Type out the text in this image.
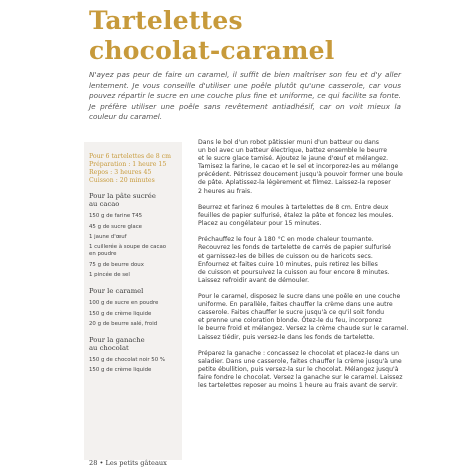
Tartelettes
chocolat-caramel

N'ayez pas peur de faire un caramel, il suffit de bien maîtriser son feu et d'y aller lentement. Je vous conseille d'utiliser une poêle plutôt qu'une casserole, car vous pouvez répartir le sucre en une couche plus fine et uniforme, ce qui facilite sa fonte. Je préfère utiliser une poêle sans revêtement antiadhésif, car on voit mieux la couleur du caramel.

Pour 6 tartelettes de 8 cm
Préparation : 1 heure 15
Repos : 3 heures 45
Cuisson : 20 minutes
Pour la pâte sucrée
au cacao
150 g de farine T45
45 g de sucre glace
1 jaune d'œuf
1 cuillerée à soupe de cacao
en poudre
75 g de beurre doux
1 pincée de sel
Pour le caramel
100 g de sucre en poudre
150 g de crème liquide
20 g de beurre salé, froid
Pour la ganache
au chocolat
150 g de chocolat noir 50 %
150 g de crème liquide

Dans le bol d'un robot pâtissier muni d'un batteur ou dans
un bol avec un batteur électrique, battez ensemble le beurre
et le sucre glace tamisé. Ajoutez le jaune d'œuf et mélangez.
Tamisez la farine, le cacao et le sel et incorporez-les au mélange
précédent. Pétrissez doucement jusqu'à pouvoir former une boule
de pâte. Aplatissez-la légèrement et filmez. Laissez-la reposer
2 heures au frais.

Beurrez et farinez 6 moules à tartelettes de 8 cm. Entre deux
feuilles de papier sulfurisé, étalez la pâte et foncez les moules.
Placez au congélateur pour 15 minutes.

Préchauffez le four à 180 °C en mode chaleur tournante.
Recouvrez les fonds de tartelette de carrés de papier sulfurisé
et garnissez-les de billes de cuisson ou de haricots secs.
Enfournez et faites cuire 10 minutes, puis retirez les billes
de cuisson et poursuivez la cuisson au four encore 8 minutes.
Laissez refroidir avant de démouler.

Pour le caramel, disposez le sucre dans une poêle en une couche
uniforme. En parallèle, faites chauffer la crème dans une autre
casserole. Faites chauffer le sucre jusqu'à ce qu'il soit fondu
et prenne une coloration blonde. Ôtez-le du feu, incorporez
le beurre froid et mélangez. Versez la crème chaude sur le caramel.
Laissez tiédir, puis versez-le dans les fonds de tartelette.

Préparez la ganache : concassez le chocolat et placez-le dans un
saladier. Dans une casserole, faites chauffer la crème jusqu'à une
petite ébullition, puis versez-la sur le chocolat. Mélangez jusqu'à
faire fondre le chocolat. Versez la ganache sur le caramel. Laissez
les tartelettes reposer au moins 1 heure au frais avant de servir.

28 • Les petits gâteaux
